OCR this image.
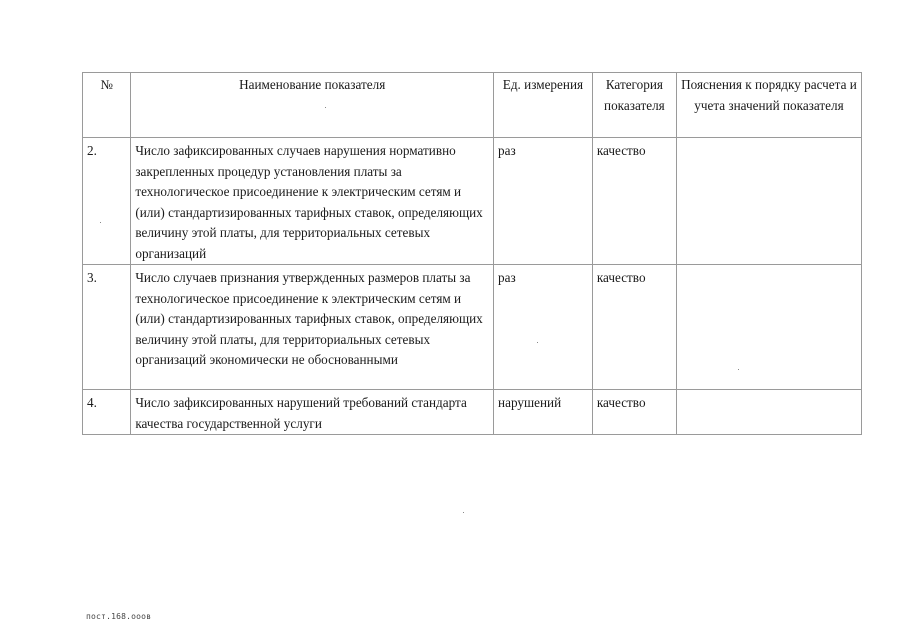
№	Наименование показателя	Ед. измерения	Категория показателя	Пояснения к порядку расчета и учета значений показателя
2.	Число зафиксированных случаев нарушения нормативно закрепленных процедур установления платы за технологическое присоединение к электрическим сетям и (или) стандартизированных тарифных ставок, определяющих величину этой платы, для территориальных сетевых организаций	раз	качество	
3.	Число случаев признания утвержденных размеров платы за технологическое присоединение к электрическим сетям и (или) стандартизированных тарифных ставок, определяющих величину этой платы, для территориальных сетевых организаций экономически не обоснованными	раз	качество	
4.	Число зафиксированных нарушений требований стандарта качества государственной услуги	нарушений	качество	
пост.168.ооов
